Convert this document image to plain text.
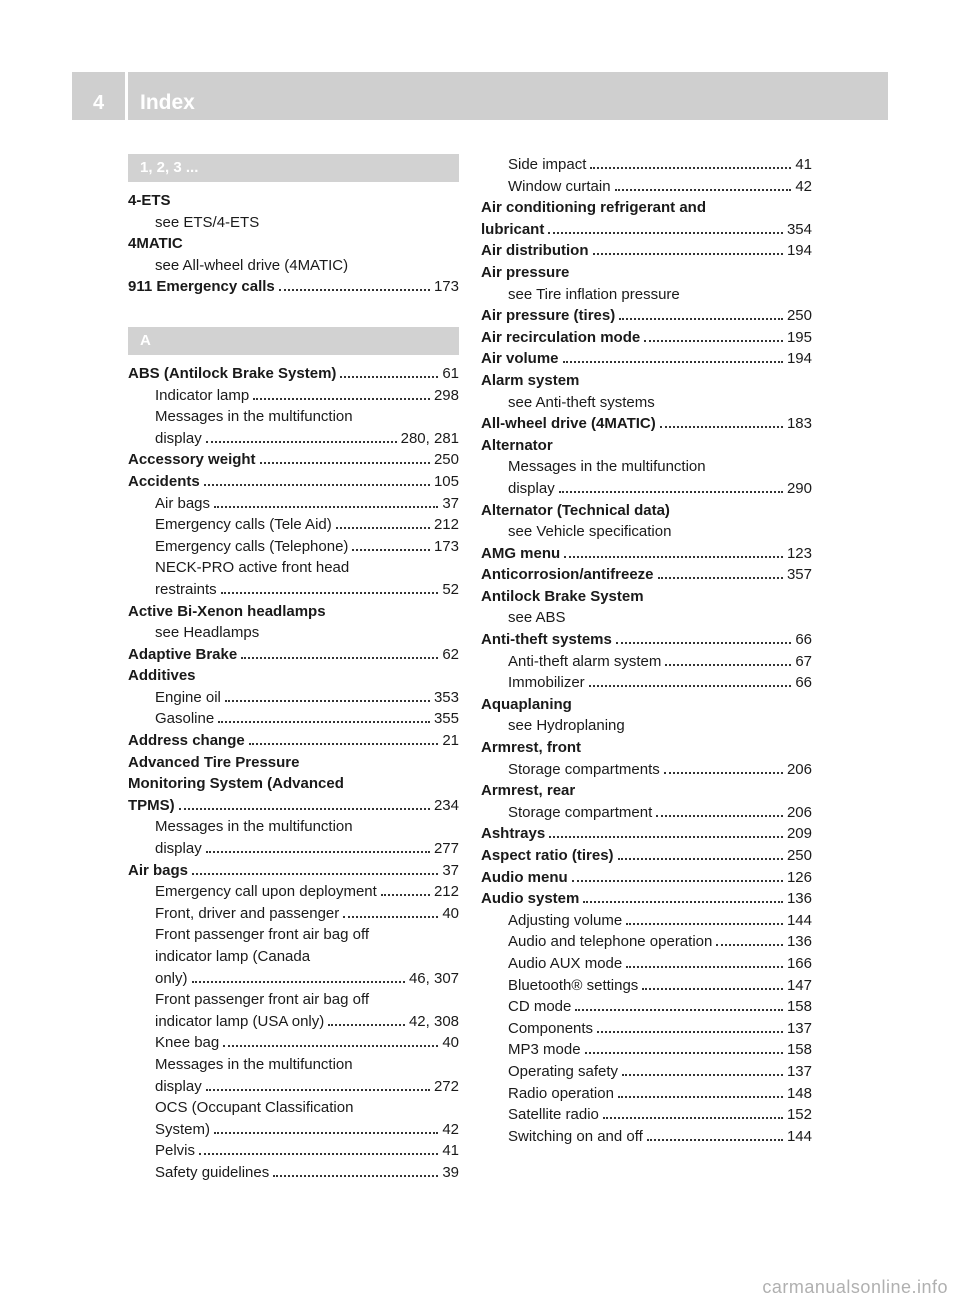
4	Index
1, 2, 3 ...
4-ETS
see ETS/4-ETS
4MATIC
see All-wheel drive (4MATIC)
911 Emergency calls	173
A
ABS (Antilock Brake System)	61
Indicator lamp	298
Messages in the multifunction
display	280, 281
Accessory weight	250
Accidents	105
Air bags	37
Emergency calls (Tele Aid)	212
Emergency calls (Telephone)	173
NECK-PRO active front head
restraints	52
Active Bi-Xenon headlamps
see Headlamps
Adaptive Brake	62
Additives
Engine oil	353
Gasoline	355
Address change	21
Advanced Tire Pressure
Monitoring System (Advanced
TPMS)	234
Messages in the multifunction
display	277
Air bags	37
Emergency call upon deployment	212
Front, driver and passenger	40
Front passenger front air bag off
indicator lamp (Canada
only)	46, 307
Front passenger front air bag off
indicator lamp (USA only)	42, 308
Knee bag	40
Messages in the multifunction
display	272
OCS (Occupant Classification
System)	42
Pelvis	41
Safety guidelines	39
Side impact	41
Window curtain	42
Air conditioning refrigerant and
lubricant	354
Air distribution	194
Air pressure
see Tire inflation pressure
Air pressure (tires)	250
Air recirculation mode	195
Air volume	194
Alarm system
see Anti-theft systems
All-wheel drive (4MATIC)	183
Alternator
Messages in the multifunction
display	290
Alternator (Technical data)
see Vehicle specification
AMG menu	123
Anticorrosion/antifreeze	357
Antilock Brake System
see ABS
Anti-theft systems	66
Anti-theft alarm system	67
Immobilizer	66
Aquaplaning
see Hydroplaning
Armrest, front
Storage compartments	206
Armrest, rear
Storage compartment	206
Ashtrays	209
Aspect ratio (tires)	250
Audio menu	126
Audio system	136
Adjusting volume	144
Audio and telephone operation	136
Audio AUX mode	166
Bluetooth® settings	147
CD mode	158
Components	137
MP3 mode	158
Operating safety	137
Radio operation	148
Satellite radio	152
Switching on and off	144
carmanualsonline.info
